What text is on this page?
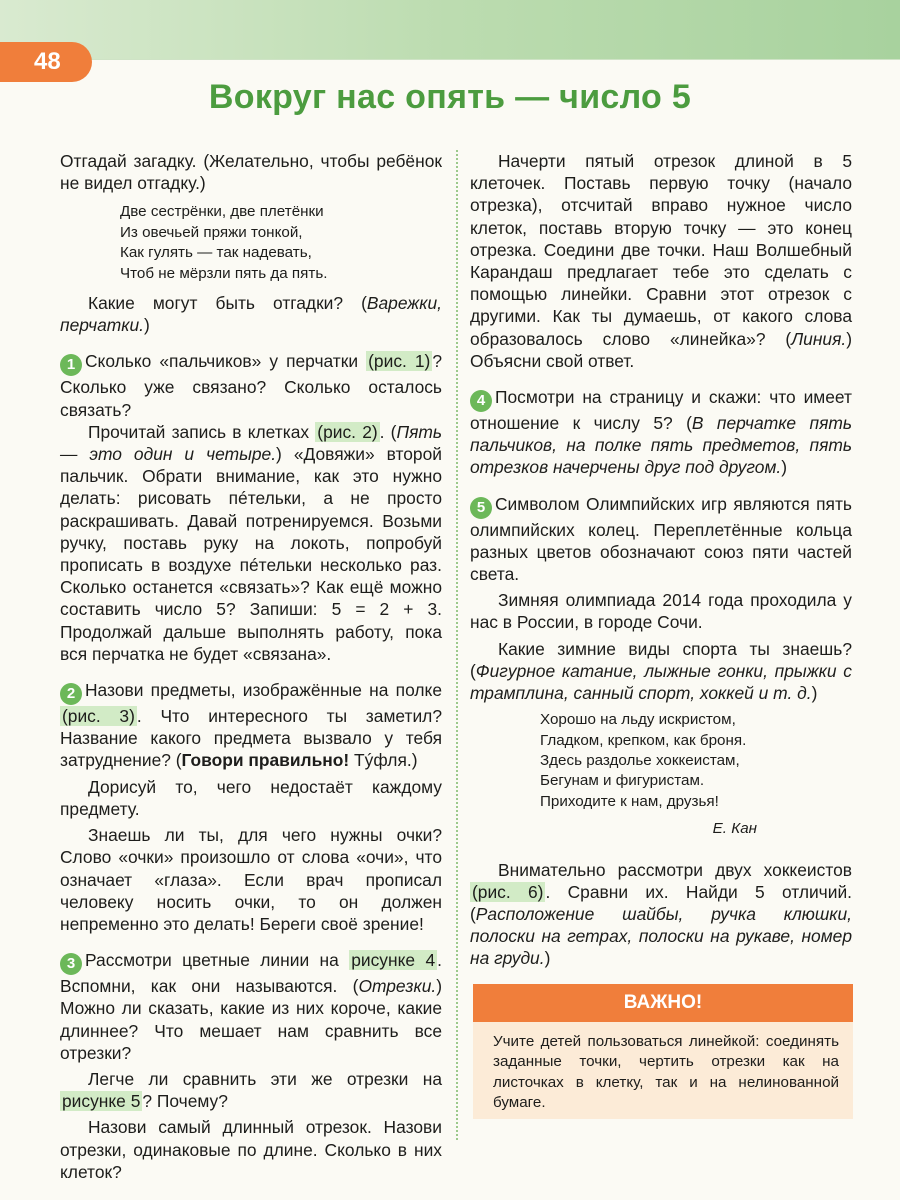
48
Вокруг нас опять — число 5

Отгадай загадку. (Желательно, чтобы ребёнок не видел отгадку.)

Две сестрёнки, две плетёнки
Из овечьей пряжи тонкой,
Как гулять — так надевать,
Чтоб не мёрзли пять да пять.

Какие могут быть отгадки? (Варежки, перчатки.)

1 Сколько «пальчиков» у перчатки (рис. 1) ? Сколько уже связано? Сколько осталось связать?

Прочитай запись в клетках (рис. 2) . (Пять — это один и четыре.) «Довяжи» второй пальчик. Обрати внимание, как это нужно делать: рисовать пéтельки, а не просто раскрашивать. Давай потренируемся. Возьми ручку, поставь руку на локоть, попробуй прописать в воздухе пéтельки несколько раз. Сколько останется «связать»? Как ещё можно составить число 5? Запиши: 5 = 2 + 3. Продолжай дальше выполнять работу, пока вся перчатка не будет «связана».

2 Назови предметы, изображённые на полке (рис. 3) . Что интересного ты заметил? Название какого предмета вызвало у тебя затруднение? (Говори правильно! Тýфля.)

Дорисуй то, чего недостаёт каждому предмету.

Знаешь ли ты, для чего нужны очки? Слово «очки» произошло от слова «очи», что означает «глаза». Если врач прописал человеку носить очки, то он должен непременно это делать! Береги своё зрение!

3 Рассмотри цветные линии на рисунке 4 . Вспомни, как они называются. (Отрезки.) Можно ли сказать, какие из них короче, какие длиннее? Что мешает нам сравнить все отрезки?

Легче ли сравнить эти же отрезки на рисунке 5 ? Почему?

Назови самый длинный отрезок. Назови отрезки, одинаковые по длине. Сколько в них клеток?

Начерти пятый отрезок длиной в 5 клеточек. Поставь первую точку (начало отрезка), отсчитай вправо нужное число клеток, поставь вторую точку — это конец отрезка. Соедини две точки. Наш Волшебный Карандаш предлагает тебе это сделать с помощью линейки. Сравни этот отрезок с другими. Как ты думаешь, от какого слова образовалось слово «линейка»? (Линия.) Объясни свой ответ.

4 Посмотри на страницу и скажи: что имеет отношение к числу 5? (В перчатке пять пальчиков, на полке пять предметов, пять отрезков начерчены друг под другом.)

5 Символом Олимпийских игр являются пять олимпийских колец. Переплетённые кольца разных цветов обозначают союз пяти частей света.

Зимняя олимпиада 2014 года проходила у нас в России, в городе Сочи.

Какие зимние виды спорта ты знаешь? (Фигурное катание, лыжные гонки, прыжки с трамплина, санный спорт, хоккей и т. д.)

Хорошо на льду искристом,
Гладком, крепком, как броня.
Здесь раздолье хоккеистам,
Бегунам и фигуристам.
Приходите к нам, друзья!
Е. Кан

Внимательно рассмотри двух хоккеистов (рис. 6) . Сравни их. Найди 5 отличий. (Расположение шайбы, ручка клюшки, полоски на гетрах, полоски на рукаве, номер на груди.)

ВАЖНО!
Учите детей пользоваться линейкой: соединять заданные точки, чертить отрезки как на листочках в клетку, так и на нелинованной бумаге.
